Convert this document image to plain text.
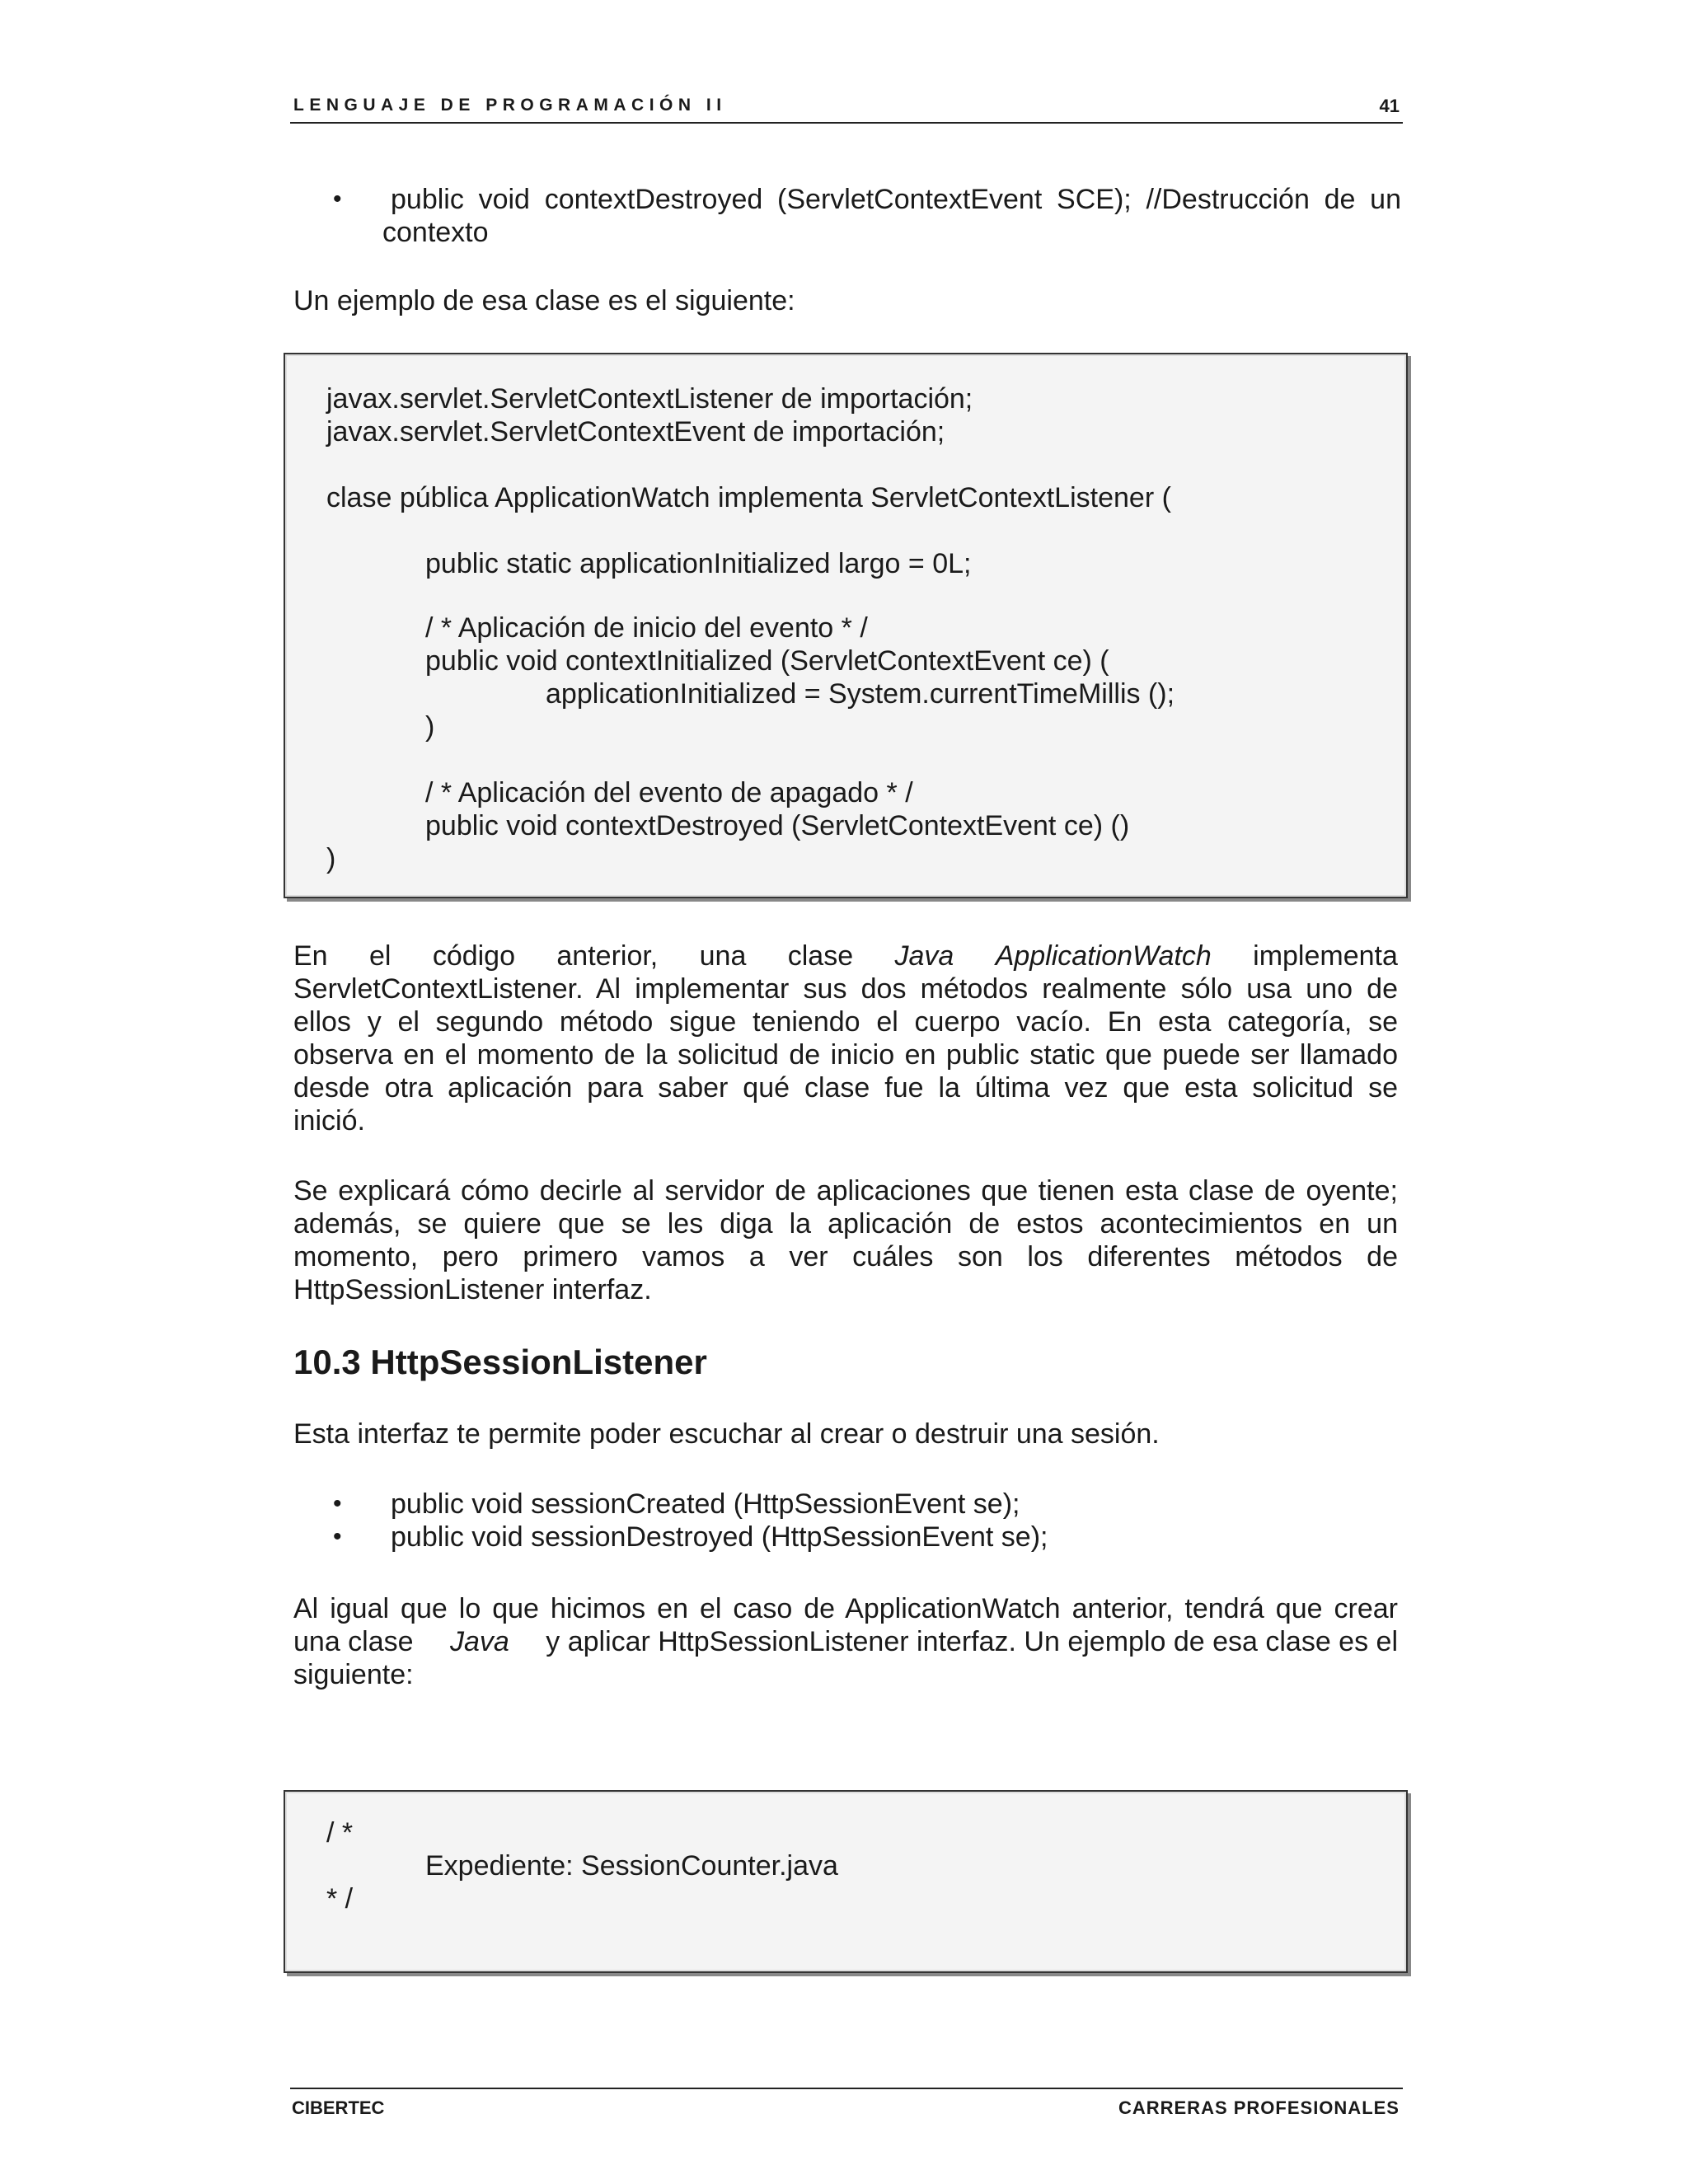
LENGUAJE DE PROGRAMACIÓN II	41
• public void contextDestroyed (ServletContextEvent SCE); //Destrucción de un
contexto
Un ejemplo de esa clase es el siguiente:
javax.servlet.ServletContextListener de importación;
javax.servlet.ServletContextEvent de importación;
clase pública ApplicationWatch implementa ServletContextListener (
public static applicationInitialized largo = 0L;
/ * Aplicación de inicio del evento * /
public void contextInitialized (ServletContextEvent ce) (
applicationInitialized = System.currentTimeMillis ();
)
/ * Aplicación del evento de apagado * /
public void contextDestroyed (ServletContextEvent ce) ()
)
En el código anterior, una clase Java ApplicationWatch implementa
ServletContextListener. Al implementar sus dos métodos realmente sólo usa uno de
ellos y el segundo método sigue teniendo el cuerpo vacío. En esta categoría, se
observa en el momento de la solicitud de inicio en public static que puede ser llamado
desde otra aplicación para saber qué clase fue la última vez que esta solicitud se
inició.
Se explicará cómo decirle al servidor de aplicaciones que tienen esta clase de oyente;
además, se quiere que se les diga la aplicación de estos acontecimientos en un
momento, pero primero vamos a ver cuáles son los diferentes métodos de
HttpSessionListener interfaz.
10.3 HttpSessionListener
Esta interfaz te permite poder escuchar al crear o destruir una sesión.
• public void sessionCreated (HttpSessionEvent se);
• public void sessionDestroyed (HttpSessionEvent se);
Al igual que lo que hicimos en el caso de ApplicationWatch anterior, tendrá que crear
una clase Java y aplicar HttpSessionListener interfaz. Un ejemplo de esa clase es el
siguiente:
/ *
Expediente: SessionCounter.java
* /
CIBERTEC	CARRERAS PROFESIONALES
